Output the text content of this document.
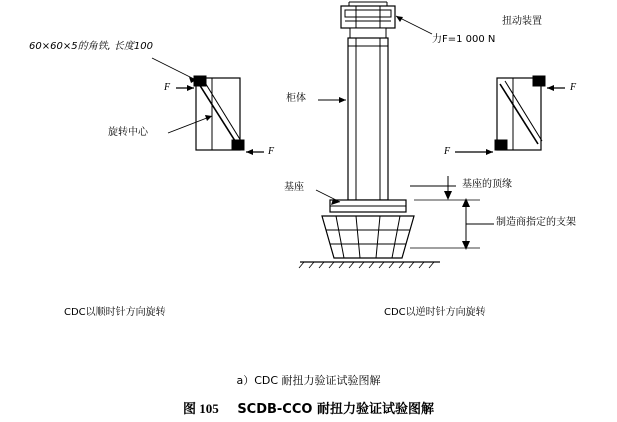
扭动装置
力F=1 000 N
60×60×5的角铁, 长度100
旋转中心
柜体
基座	基座的顶缘
制造商指定的支架
F
F
F
F
CDC以顺时针方向旋转	CDC以逆时针方向旋转
a）CDC 耐扭力验证试验图解
图 105 SCDB-CCO 耐扭力验证试验图解
